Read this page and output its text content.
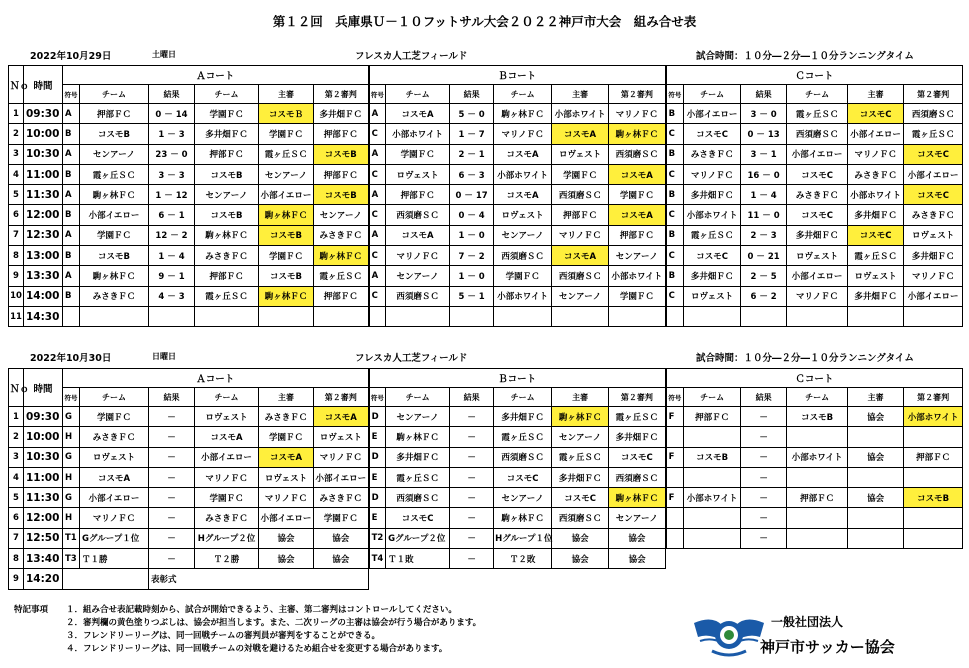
第１２回　兵庫県Ｕ－１０フットサル大会２０２２神戸市大会　組み合せ表
2022年10月29日	土曜日	フレスカ人工芝フィールド	試合時間：１０分―２分―１０分ランニングタイム
Ｎｏ	時間	Ａコート						Ｂコート						Ｃコート					
		符号	チーム	結果	チーム	主審	第２審判	符号	チーム	結果	チーム	主審	第２審判	符号	チーム	結果	チーム	主審	第２審判
1	09:30	A	押部ＦＣ	0 － 14	学園ＦＣ	コスモＢ	多井畑ＦＣ	A	コスモA	5 － 0	駒ヶ林ＦＣ	小部ホワイト	マリノＦＣ	B	小部イエロー	3 － 0	霞ヶ丘ＳＣ	コスモC	西須磨ＳＣ
2	10:00	B	コスモB	1 － 3	多井畑ＦＣ	学園ＦＣ	押部ＦＣ	C	小部ホワイト	1 － 7	マリノＦＣ	コスモA	駒ヶ林ＦＣ	C	コスモC	0 － 13	西須磨ＳＣ	小部イエロー	霞ヶ丘ＳＣ
3	10:30	A	センアーノ	23 － 0	押部ＦＣ	霞ヶ丘ＳＣ	コスモB	A	学園ＦＣ	2 － 1	コスモA	ロヴェスト	西須磨ＳＣ	B	みさきＦＣ	3 － 1	小部イエロー	マリノＦＣ	コスモC
4	11:00	B	霞ヶ丘ＳＣ	3 － 3	コスモB	センアーノ	押部ＦＣ	C	ロヴェスト	6 － 3	小部ホワイト	学園ＦＣ	コスモA	C	マリノＦＣ	16 － 0	コスモC	みさきＦＣ	小部イエロー
5	11:30	A	駒ヶ林ＦＣ	1 － 12	センアーノ	小部イエロー	コスモB	A	押部ＦＣ	0 － 17	コスモA	西須磨ＳＣ	学園ＦＣ	B	多井畑ＦＣ	1 － 4	みさきＦＣ	小部ホワイト	コスモC
6	12:00	B	小部イエロー	6 － 1	コスモB	駒ヶ林ＦＣ	センアーノ	C	西須磨ＳＣ	0 － 4	ロヴェスト	押部ＦＣ	コスモA	C	小部ホワイト	11 － 0	コスモC	多井畑ＦＣ	みさきＦＣ
7	12:30	A	学園ＦＣ	12 － 2	駒ヶ林ＦＣ	コスモB	みさきＦＣ	A	コスモA	1 － 0	センアーノ	マリノＦＣ	押部ＦＣ	B	霞ヶ丘ＳＣ	2 － 3	多井畑ＦＣ	コスモC	ロヴェスト
8	13:00	B	コスモB	1 － 4	みさきＦＣ	学園ＦＣ	駒ヶ林ＦＣ	C	マリノＦＣ	7 － 2	西須磨ＳＣ	コスモA	センアーノ	C	コスモC	0 － 21	ロヴェスト	霞ヶ丘ＳＣ	多井畑ＦＣ
9	13:30	A	駒ヶ林ＦＣ	9 － 1	押部ＦＣ	コスモB	霞ヶ丘ＳＣ	A	センアーノ	1 － 0	学園ＦＣ	西須磨ＳＣ	小部ホワイト	B	多井畑ＦＣ	2 － 5	小部イエロー	ロヴェスト	マリノＦＣ
10	14:00	B	みさきＦＣ	4 － 3	霞ヶ丘ＳＣ	駒ヶ林ＦＣ	押部ＦＣ	C	西須磨ＳＣ	5 － 1	小部ホワイト	センアーノ	学園ＦＣ	C	ロヴェスト	6 － 2	マリノＦＣ	多井畑ＦＣ	小部イエロー
11	14:30																		
2022年10月30日	日曜日	フレスカ人工芝フィールド	試合時間：１０分―２分―１０分ランニングタイム
Ｎｏ	時間	Ａコート						Ｂコート						Ｃコート					
		符号	チーム	結果	チーム	主審	第２審判	符号	チーム	結果	チーム	主審	第２審判	符号	チーム	結果	チーム	主審	第２審判
1	09:30	G	学園ＦＣ	－	ロヴェスト	みさきＦＣ	コスモA	D	センアーノ	－	多井畑ＦＣ	駒ヶ林ＦＣ	霞ヶ丘ＳＣ	F	押部ＦＣ	－	コスモB	協会	小部ホワイト
2	10:00	H	みさきＦＣ	－	コスモA	学園ＦＣ	ロヴェスト	E	駒ヶ林ＦＣ	－	霞ヶ丘ＳＣ	センアーノ	多井畑ＦＣ			－			
3	10:30	G	ロヴェスト	－	小部イエロー	コスモA	マリノＦＣ	D	多井畑ＦＣ	－	西須磨ＳＣ	霞ヶ丘ＳＣ	コスモC	F	コスモB	－	小部ホワイト	協会	押部ＦＣ
4	11:00	H	コスモA	－	マリノＦＣ	ロヴェスト	小部イエロー	E	霞ヶ丘ＳＣ	－	コスモC	多井畑ＦＣ	西須磨ＳＣ			－			
5	11:30	G	小部イエロー	－	学園ＦＣ	マリノＦＣ	みさきＦＣ	D	西須磨ＳＣ	－	センアーノ	コスモC	駒ヶ林ＦＣ	F	小部ホワイト	－	押部ＦＣ	協会	コスモB
6	12:00	H	マリノＦＣ	－	みさきＦＣ	小部イエロー	学園ＦＣ	E	コスモC	－	駒ヶ林ＦＣ	西須磨ＳＣ	センアーノ			－			
7	12:50	T1	Gグループ１位	－	Hグループ２位	協会	協会	T2	Gグループ２位	－	Hグループ１位	協会	協会			－			
8	13:40	T3	Ｔ１勝	－	Ｔ２勝	協会	協会	T4	Ｔ１敗	－	Ｔ２敗	協会	協会						
9	14:20			表彰式															
特記事項	１．組み合せ表記載時刻から、試合が開始できるよう、主審、第二審判はコントロールしてください。
２．審判欄の黄色塗りつぶしは、協会が担当します。また、二次リーグの主審は協会が行う場合があります。
３．フレンドリーリーグは、同一回戦チームの審判員が審判をすることができる。
４．フレンドリーリーグは、同一回戦チームの対戦を避けるため組合せを変更する場合があります。
一般社団法人
神戸市サッカー協会
